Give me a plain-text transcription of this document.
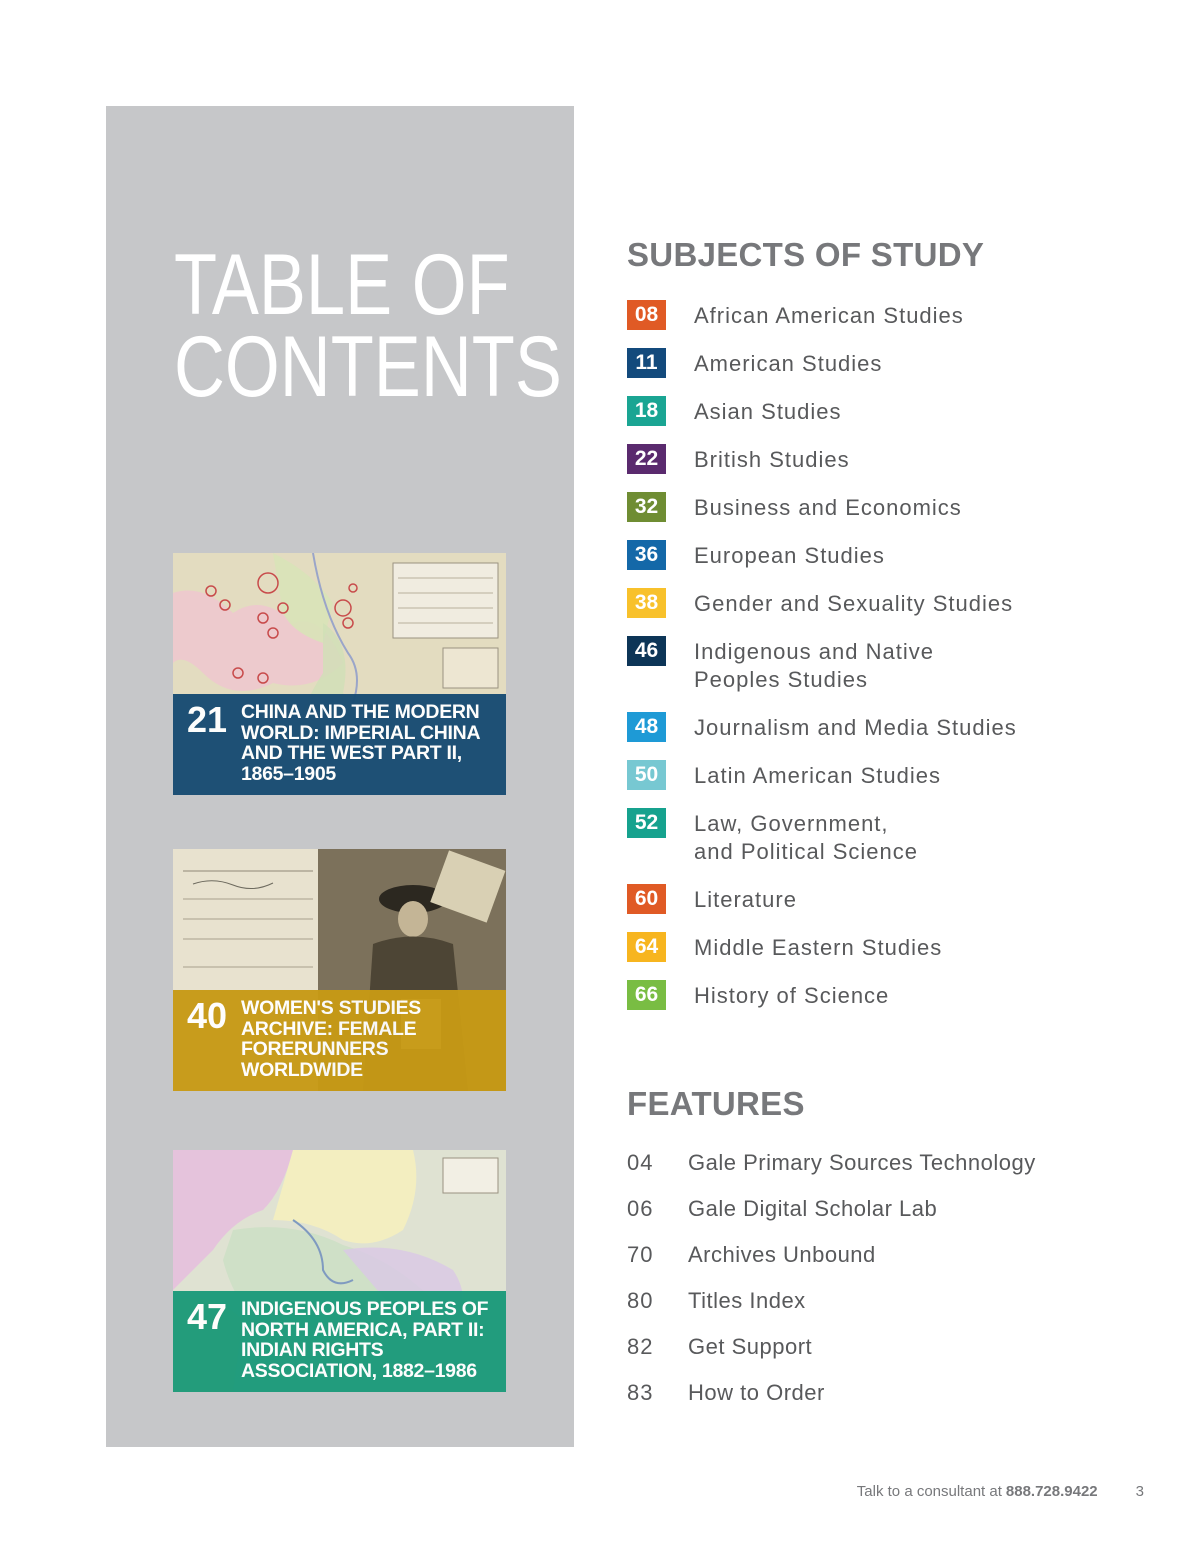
TABLE OF
CONTENTS
21 CHINA AND THE MODERN WORLD: IMPERIAL CHINA AND THE WEST PART II, 1865–1905
40 WOMEN'S STUDIES ARCHIVE: FEMALE FORERUNNERS WORLDWIDE
47 INDIGENOUS PEOPLES OF NORTH AMERICA, PART II: INDIAN RIGHTS ASSOCIATION, 1882–1986
SUBJECTS OF STUDY
08	African American Studies
11	American Studies
18	Asian Studies
22	British Studies
32	Business and Economics
36	European Studies
38	Gender and Sexuality Studies
46	Indigenous and Native
Peoples Studies
48	Journalism and Media Studies
50	Latin American Studies
52	Law, Government,
and Political Science
60	Literature
64	Middle Eastern Studies
66	History of Science
FEATURES
04	Gale Primary Sources Technology
06	Gale Digital Scholar Lab
70	Archives Unbound
80	Titles Index
82	Get Support
83	How to Order
Talk to a consultant at 888.728.9422	3
